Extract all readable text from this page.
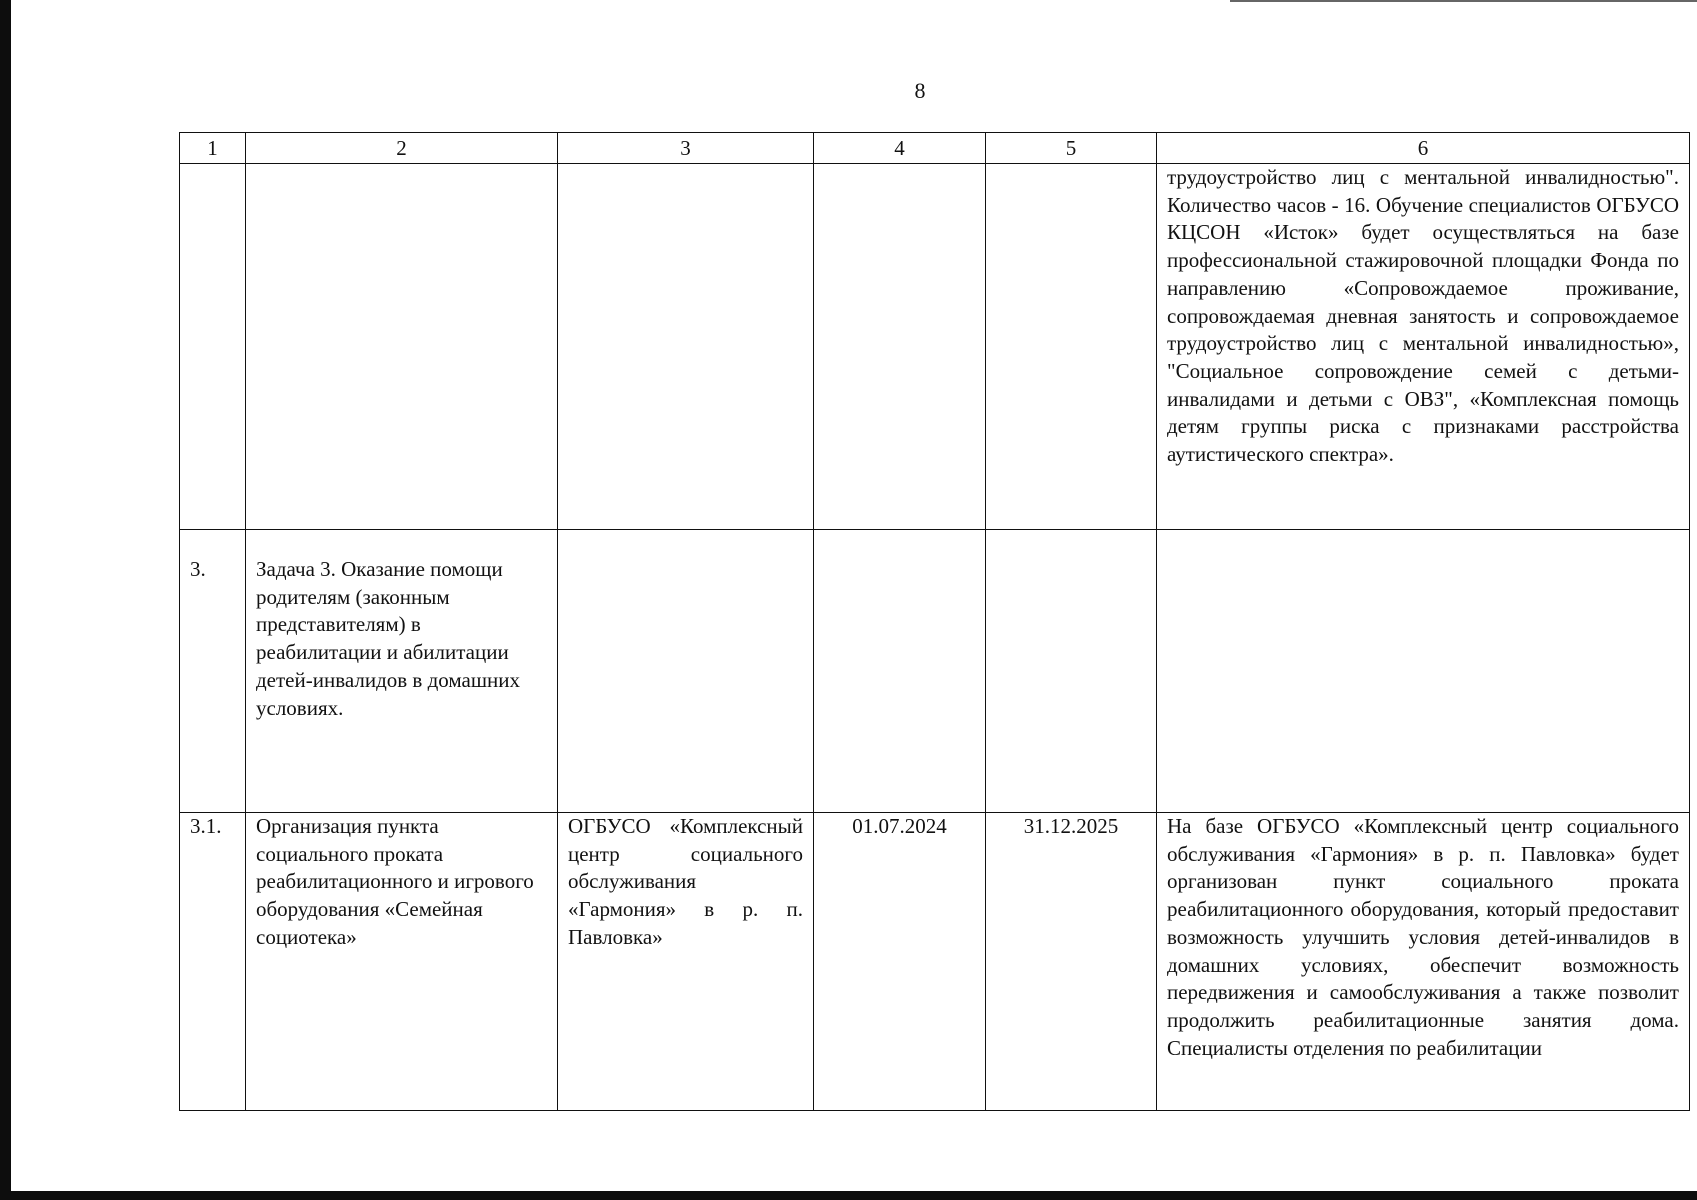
8
1	2	3	4	5	6
					трудоустройство лиц с ментальной инвалидностью". Количество часов - 16. Обучение специалистов ОГБУСО КЦСОН «Исток» будет осуществляться на базе профессиональной стажировочной площадки Фонда по направлению «Сопровождаемое проживание, сопровождаемая дневная занятость и сопровождаемое трудоустройство лиц с ментальной инвалидностью», "Социальное сопровождение семей с детьми-инвалидами и детьми с ОВЗ", «Комплексная помощь детям группы риска с признаками расстройства аутистического спектра».
3.	Задача 3. Оказание помощи родителям (законным представителям) в реабилитации и абилитации детей-инвалидов в домашних условиях.				
3.1.	Организация пункта социального проката реабилитационного и игрового оборудования «Семейная социотека»	ОГБУСО «Комплексный центр социального обслуживания «Гармония» в р. п. Павловка»	01.07.2024	31.12.2025	На базе ОГБУСО «Комплексный центр социального обслуживания «Гармония» в р. п. Павловка» будет организован пункт социального проката реабилитационного оборудования, который предоставит возможность улучшить условия детей-инвалидов в домашних условиях, обеспечит возможность передвижения и самообслуживания а также позволит продолжить реабилитационные занятия дома. Специалисты отделения по реабилитации
